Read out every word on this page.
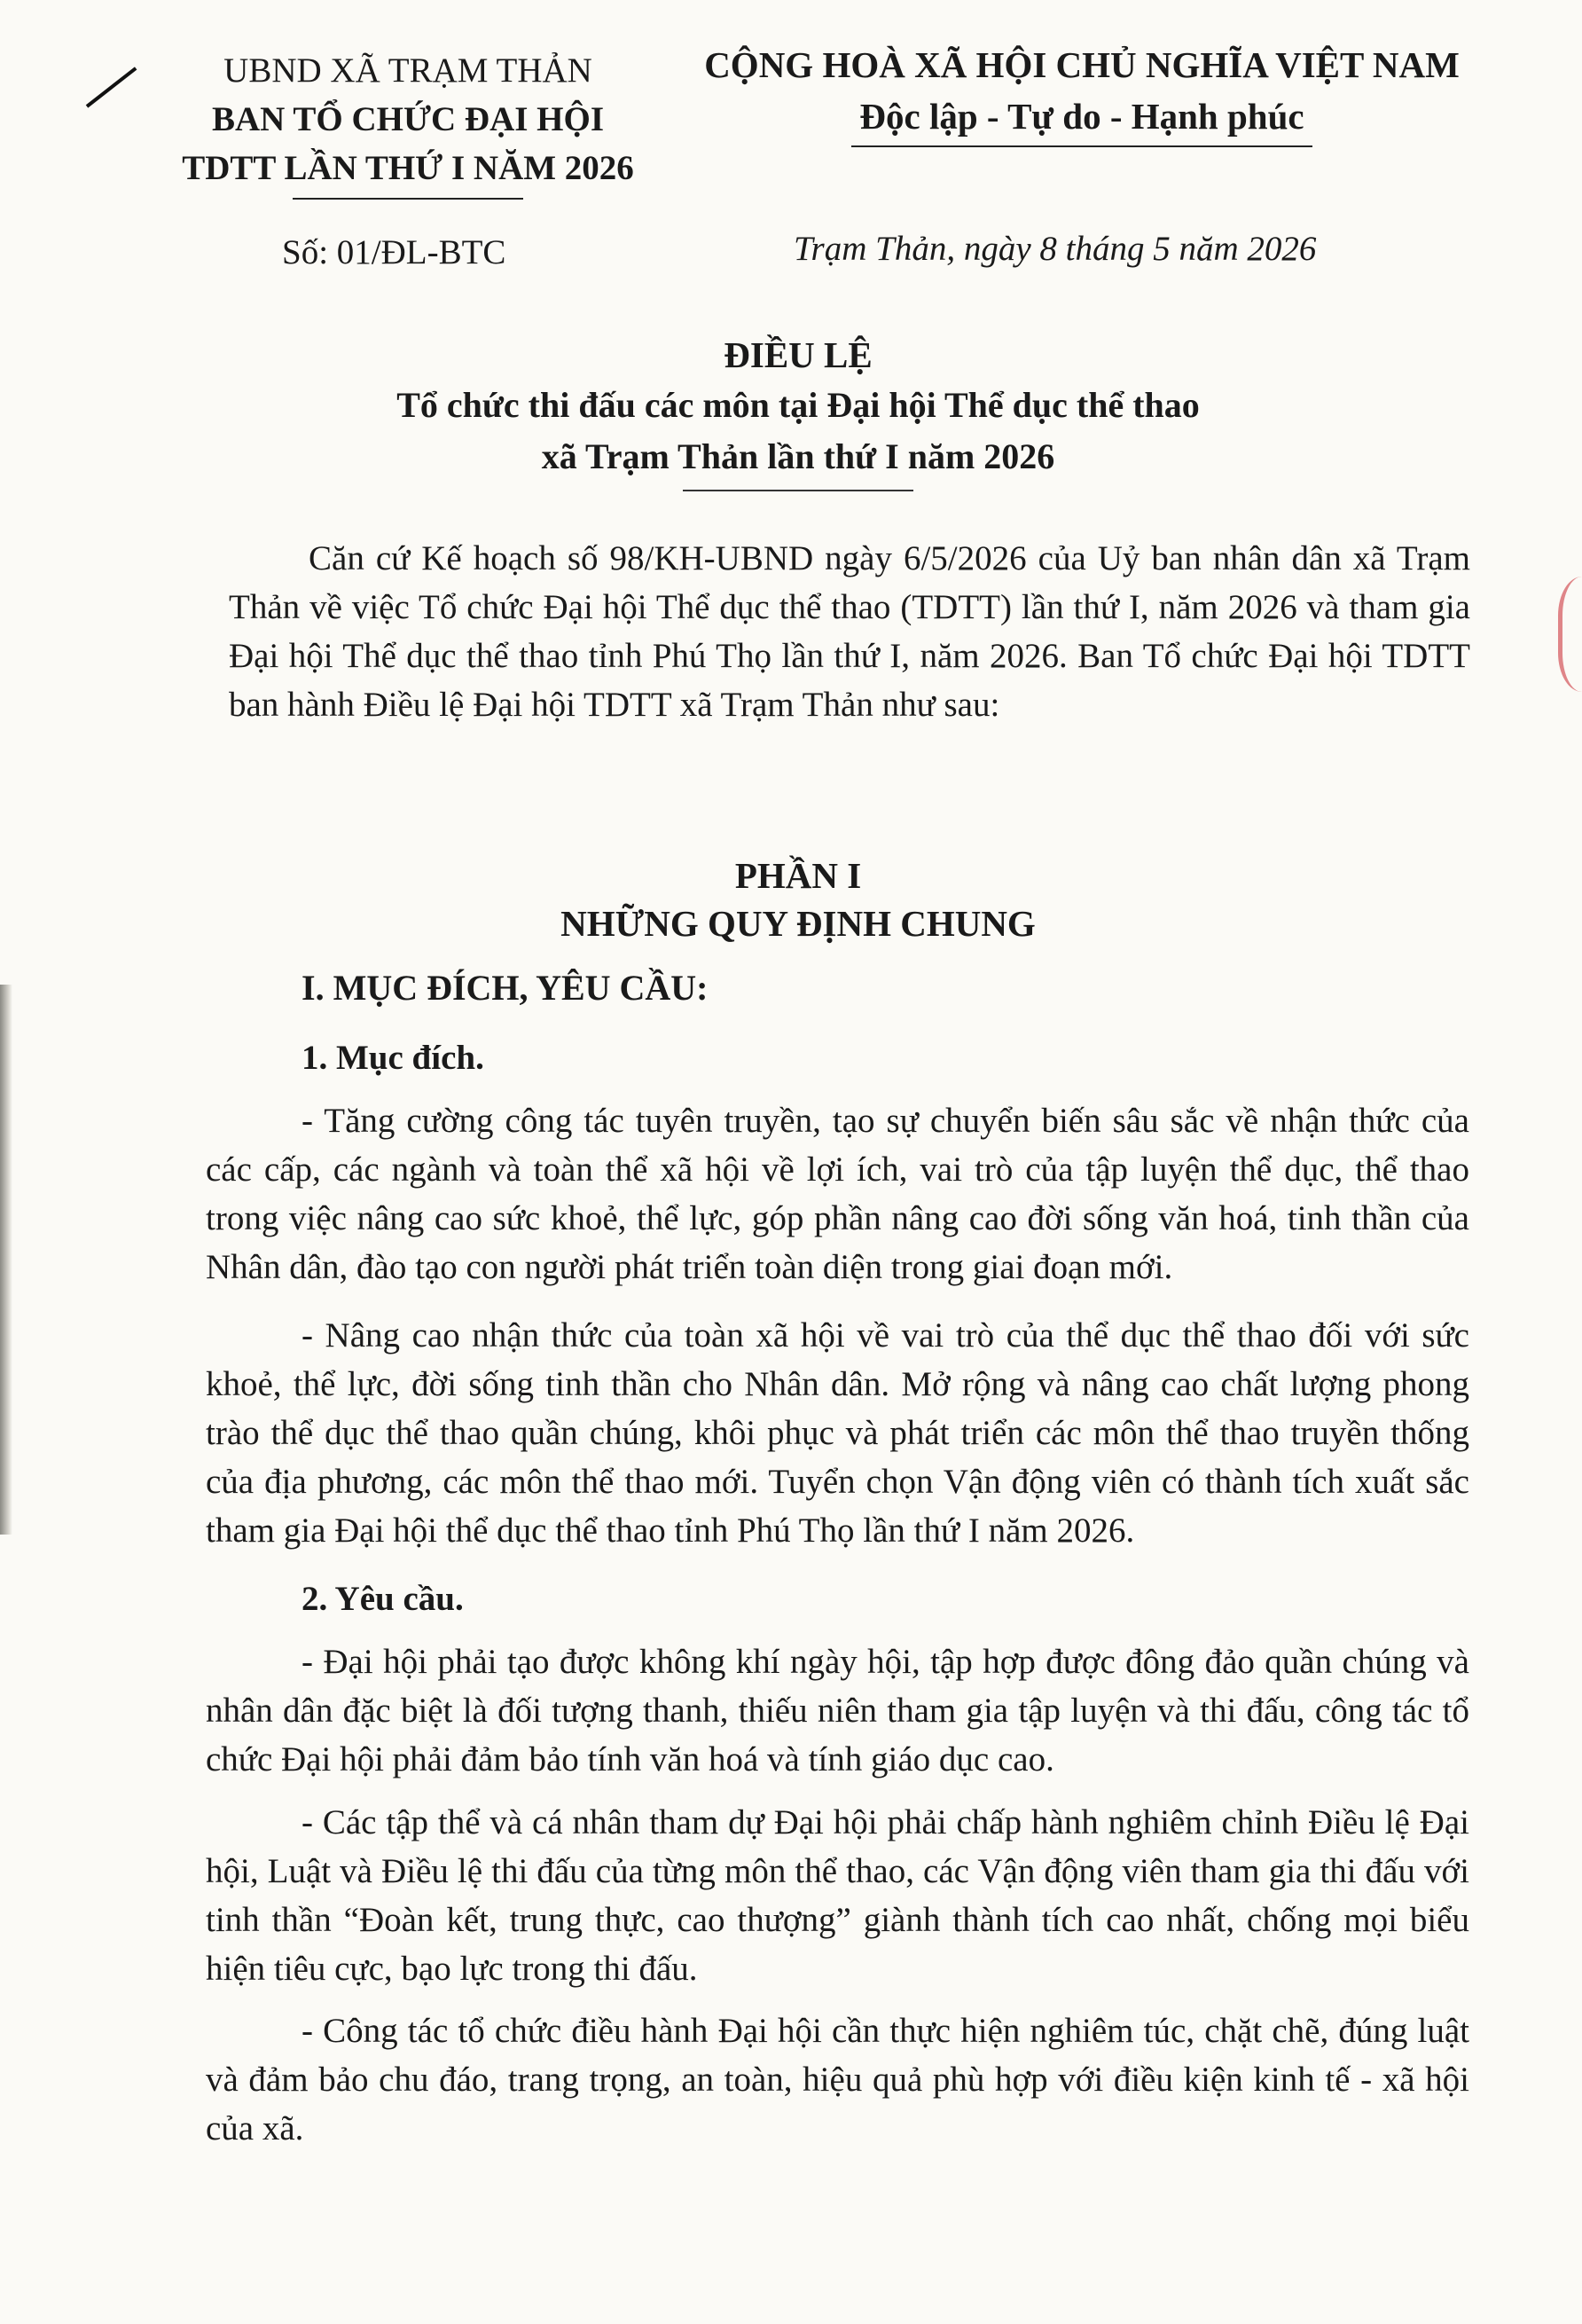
UBND XÃ TRẠM THẢN
BAN TỔ CHỨC ĐẠI HỘI
TDTT LẦN THỨ I NĂM 2026
CỘNG HOÀ XÃ HỘI CHỦ NGHĨA VIỆT NAM
Độc lập - Tự do - Hạnh phúc
Số: 01/ĐL-BTC	Trạm Thản, ngày 8 tháng 5 năm 2026
ĐIỀU LỆ
Tổ chức thi đấu các môn tại Đại hội Thể dục thể thao
xã Trạm Thản lần thứ I năm 2026

Căn cứ Kế hoạch số 98/KH-UBND ngày 6/5/2026 của Uỷ ban nhân dân xã Trạm Thản về việc Tổ chức Đại hội Thể dục thể thao (TDTT) lần thứ I, năm 2026 và tham gia Đại hội Thể dục thể thao tỉnh Phú Thọ lần thứ I, năm 2026. Ban Tổ chức Đại hội TDTT ban hành Điều lệ Đại hội TDTT xã Trạm Thản như sau:

PHẦN I
NHỮNG QUY ĐỊNH CHUNG
I. MỤC ĐÍCH, YÊU CẦU:
1. Mục đích.

- Tăng cường công tác tuyên truyền, tạo sự chuyển biến sâu sắc về nhận thức của các cấp, các ngành và toàn thể xã hội về lợi ích, vai trò của tập luyện thể dục, thể thao trong việc nâng cao sức khoẻ, thể lực, góp phần nâng cao đời sống văn hoá, tinh thần của Nhân dân, đào tạo con người phát triển toàn diện trong giai đoạn mới.

- Nâng cao nhận thức của toàn xã hội về vai trò của thể dục thể thao đối với sức khoẻ, thể lực, đời sống tinh thần cho Nhân dân. Mở rộng và nâng cao chất lượng phong trào thể dục thể thao quần chúng, khôi phục và phát triển các môn thể thao truyền thống của địa phương, các môn thể thao mới. Tuyển chọn Vận động viên có thành tích xuất sắc tham gia Đại hội thể dục thể thao tỉnh Phú Thọ lần thứ I năm 2026.

2. Yêu cầu.

- Đại hội phải tạo được không khí ngày hội, tập hợp được đông đảo quần chúng và nhân dân đặc biệt là đối tượng thanh, thiếu niên tham gia tập luyện và thi đấu, công tác tổ chức Đại hội phải đảm bảo tính văn hoá và tính giáo dục cao.

- Các tập thể và cá nhân tham dự Đại hội phải chấp hành nghiêm chỉnh Điều lệ Đại hội, Luật và Điều lệ thi đấu của từng môn thể thao, các Vận động viên tham gia thi đấu với tinh thần “Đoàn kết, trung thực, cao thượng” giành thành tích cao nhất, chống mọi biểu hiện tiêu cực, bạo lực trong thi đấu.

- Công tác tổ chức điều hành Đại hội cần thực hiện nghiêm túc, chặt chẽ, đúng luật và đảm bảo chu đáo, trang trọng, an toàn, hiệu quả phù hợp với điều kiện kinh tế - xã hội của xã.
